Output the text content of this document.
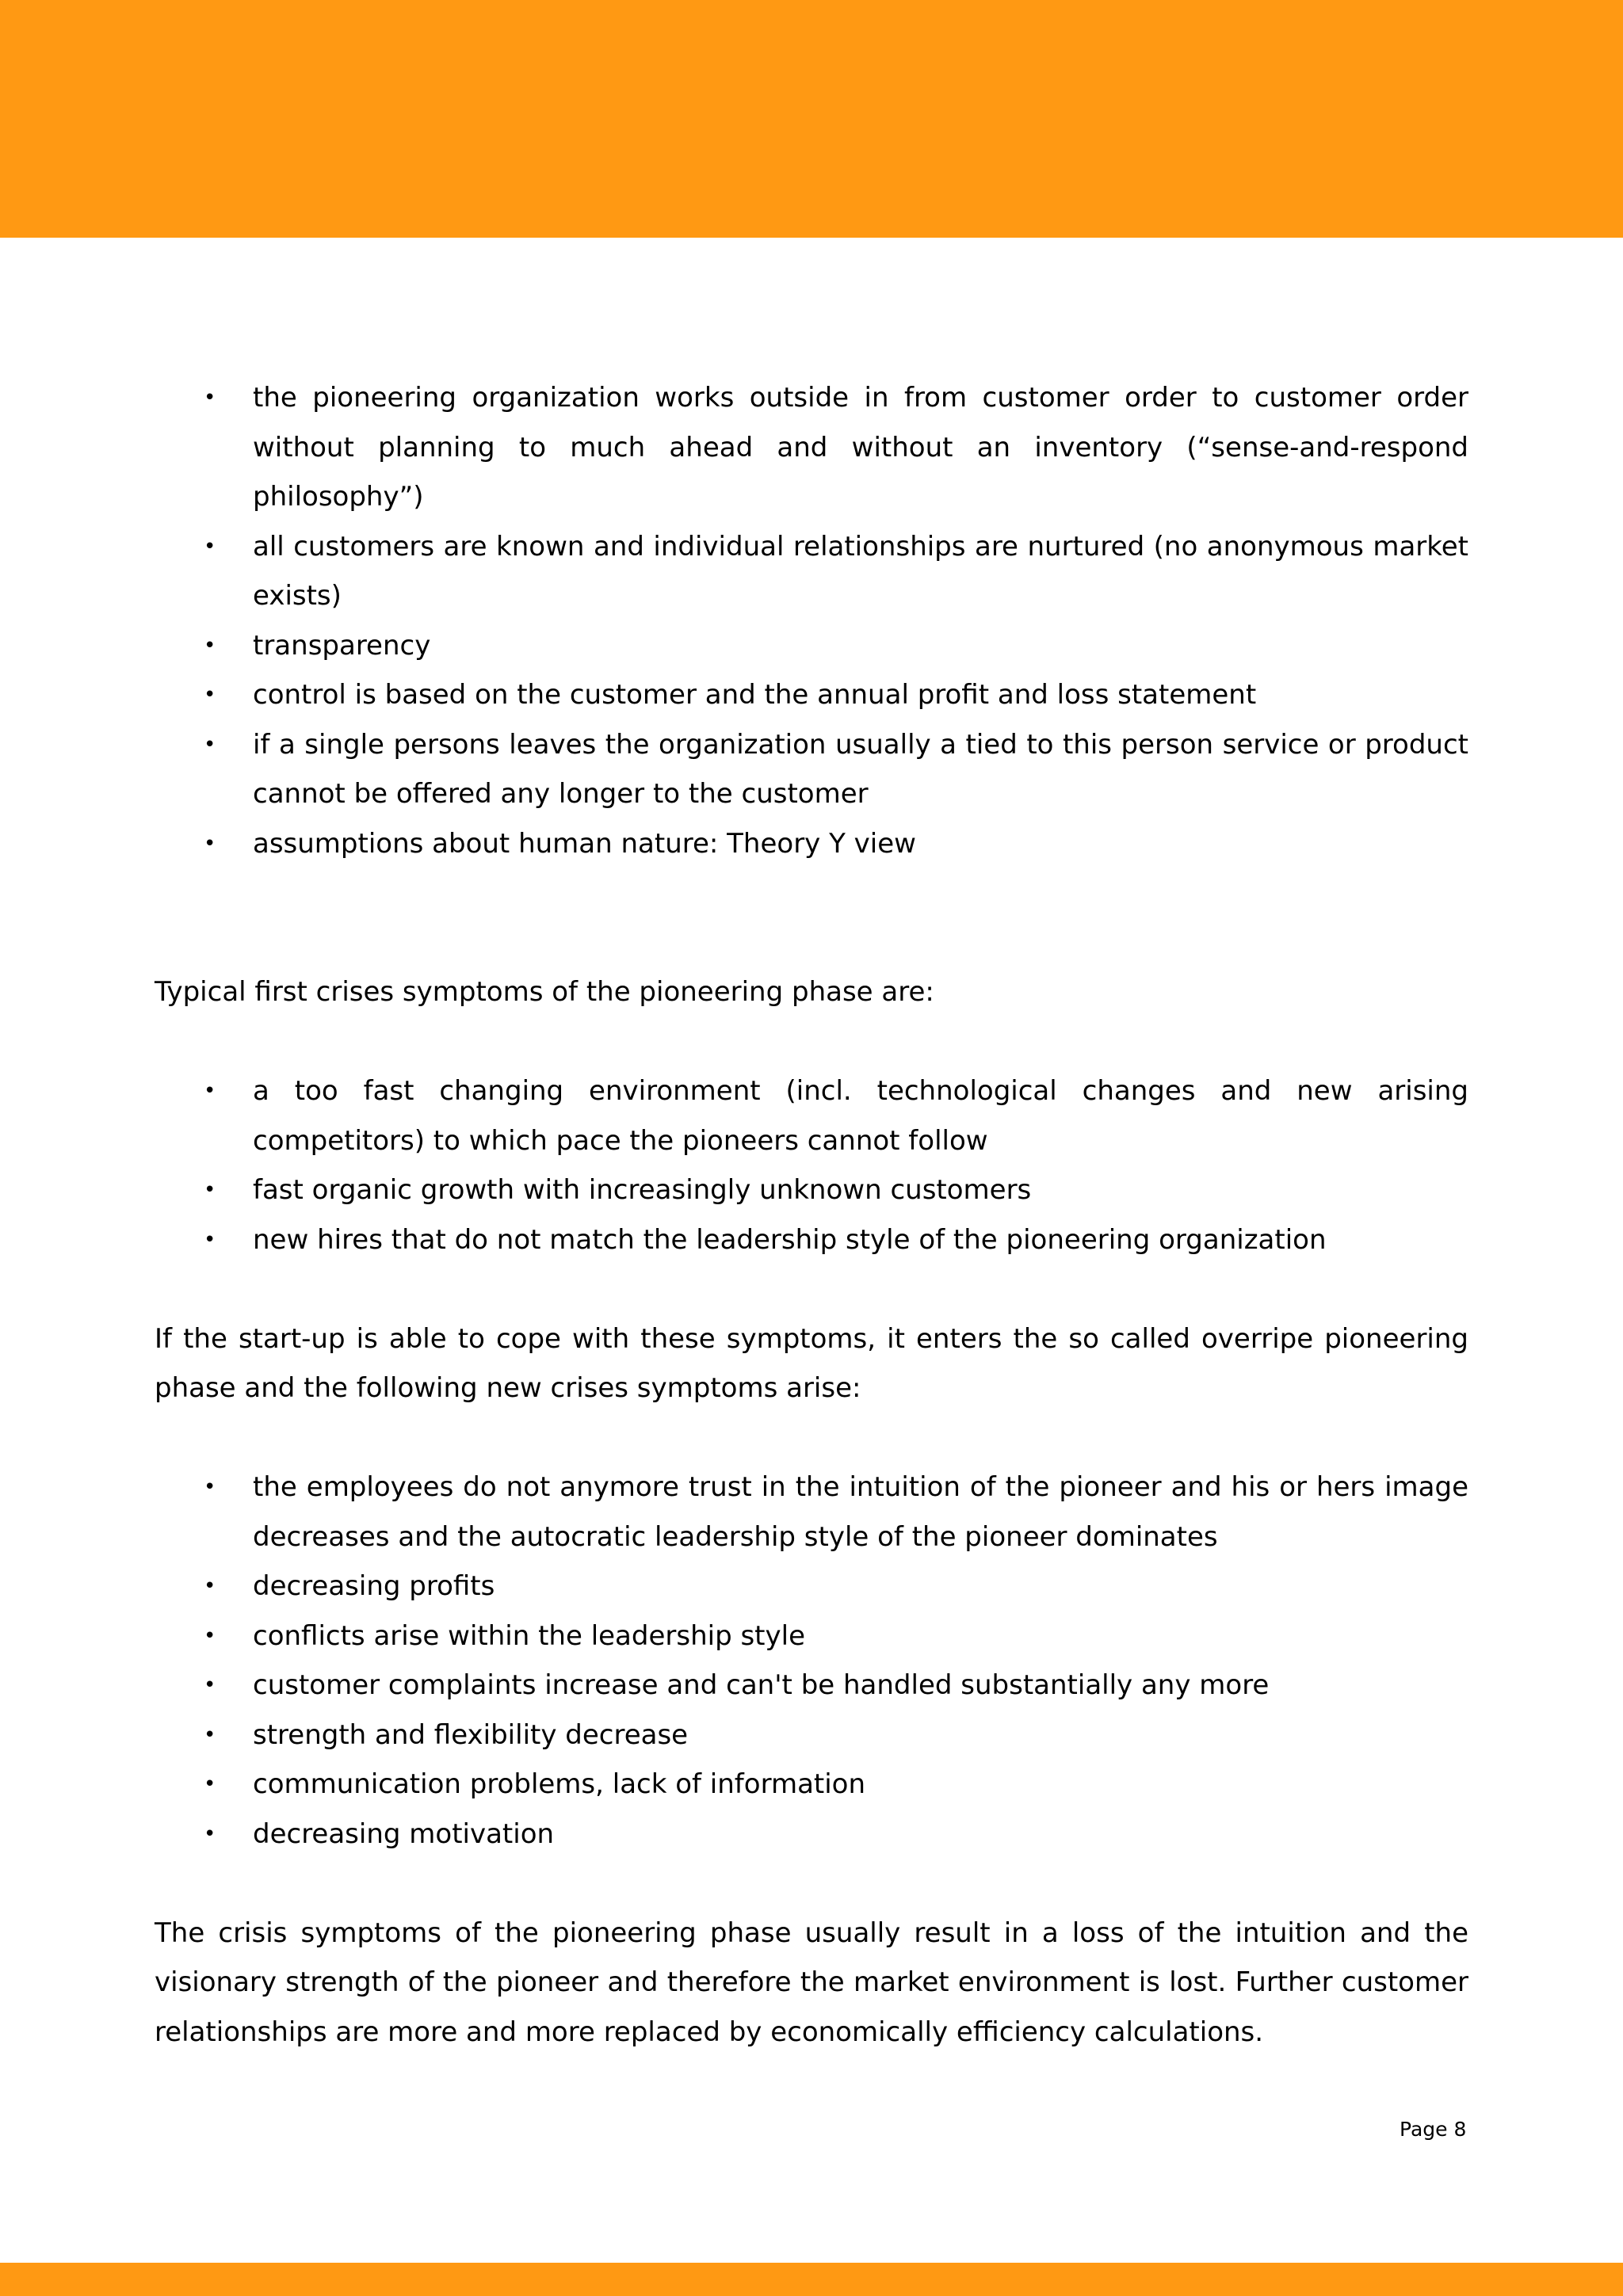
• the pioneering organization works outside in from customer order to customer order without planning to much ahead and without an inventory (“sense-and-respond philosophy”)
• all customers are known and individual relationships are nurtured (no anonymous market exists)
• transparency
• control is based on the customer and the annual profit and loss statement
• if a single persons leaves the organization usually a tied to this person service or product cannot be offered any longer to the customer
• assumptions about human nature: Theory Y view

Typical first crises symptoms of the pioneering phase are:

• a too fast changing environment (incl. technological changes and new arising competitors) to which pace the pioneers cannot follow
• fast organic growth with increasingly unknown customers
• new hires that do not match the leadership style of the pioneering organization

If the start-up is able to cope with these symptoms, it enters the so called overripe pioneering phase and the following new crises symptoms arise:

• the employees do not anymore trust in the intuition of the pioneer and his or hers image decreases and the autocratic leadership style of the pioneer dominates
• decreasing profits
• conflicts arise within the leadership style
• customer complaints increase and can't be handled substantially any more
• strength and flexibility decrease
• communication problems, lack of information
• decreasing motivation

The crisis symptoms of the pioneering phase usually result in a loss of the intuition and the visionary strength of the pioneer and therefore the market environment is lost. Further customer relationships are more and more replaced by economically efficiency calculations.

Page 8
